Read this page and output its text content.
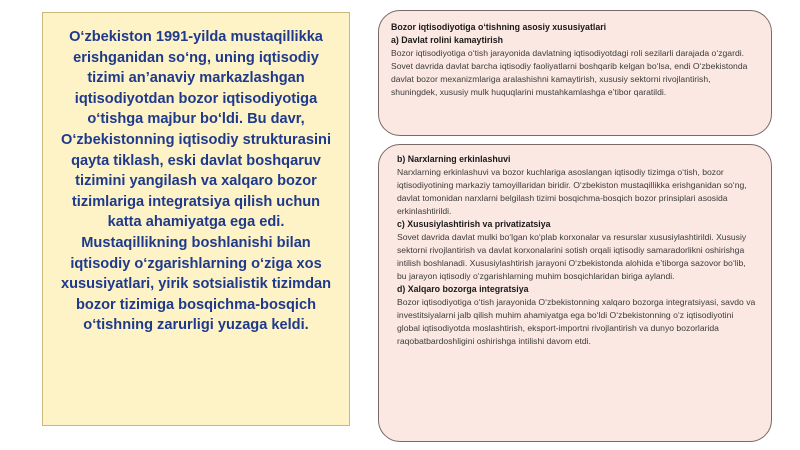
O‘zbekiston 1991-yilda mustaqillikka erishganidan so‘ng, uning iqtisodiy tizimi an’anaviy markazlashgan iqtisodiyotdan bozor iqtisodiyotiga o‘tishga majbur bo‘ldi. Bu davr, O‘zbekistonning iqtisodiy strukturasini qayta tiklash, eski davlat boshqaruv tizimini yangilash va xalqaro bozor tizimlariga integratsiya qilish uchun katta ahamiyatga ega edi. Mustaqillikning boshlanishi bilan iqtisodiy o‘zgarishlarning o‘ziga xos xususiyatlari, yirik sotsialistik tizimdan bozor tizimiga bosqichma-bosqich o‘tishning zarurligi yuzaga keldi.

Bozor iqtisodiyotiga o‘tishning asosiy xususiyatlari
a) Davlat rolini kamaytirish

Bozor iqtisodiyotiga o‘tish jarayonida davlatning iqtisodiyotdagi roli sezilarli darajada o‘zgardi. Sovet davrida davlat barcha iqtisodiy faoliyatlarni boshqarib kelgan bo‘lsa, endi O‘zbekistonda davlat bozor mexanizmlariga aralashishni kamaytirish, xususiy sektorni rivojlantirish, shuningdek, xususiy mulk huquqlarini mustahkamlashga e’tibor qaratildi.

b) Narxlarning erkinlashuvi

Narxlarning erkinlashuvi va bozor kuchlariga asoslangan iqtisodiy tizimga o‘tish, bozor iqtisodiyotining markaziy tamoyillaridan biridir. O‘zbekiston mustaqillikka erishganidan so‘ng, davlat tomonidan narxlarni belgilash tizimi bosqichma-bosqich bozor prinsiplari asosida erkinlashtirildi.

c) Xususiylashtirish va privatizatsiya

Sovet davrida davlat mulki bo‘lgan ko‘plab korxonalar va resurslar xususiylashtirildi. Xususiy sektorni rivojlantirish va davlat korxonalarini sotish orqali iqtisodiy samaradorlikni oshirishga intilish boshlanadi. Xususiylashtirish jarayoni O‘zbekistonda alohida e’tiborga sazovor bo‘lib, bu jarayon iqtisodiy o‘zgarishlarning muhim bosqichlaridan biriga aylandi.

d) Xalqaro bozorga integratsiya

Bozor iqtisodiyotiga o‘tish jarayonida O‘zbekistonning xalqaro bozorga integratsiyasi, savdo va investitsiyalarni jalb qilish muhim ahamiyatga ega bo‘ldi O‘zbekistonning o‘z iqtisodiyotini global iqtisodiyotda moslashtirish, eksport-importni rivojlantirish va dunyo bozorlarida raqobatbardoshligini oshirishga intilishi davom etdi.
